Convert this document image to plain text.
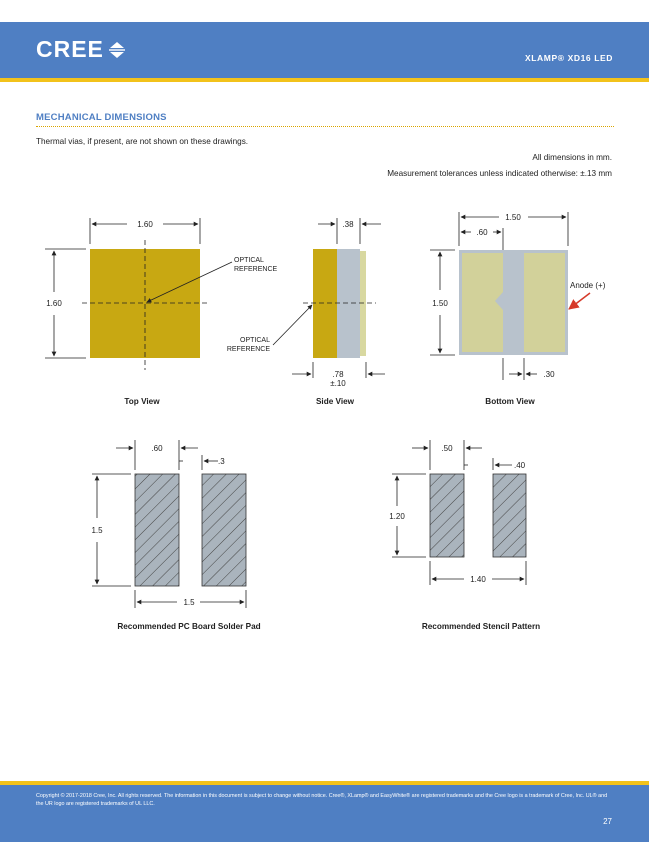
CREE	XLAMP® XD16 LED
MECHANICAL DIMENSIONS
Thermal vias, if present, are not shown on these drawings.
All dimensions in mm.
Measurement tolerances unless indicated otherwise: ±.13 mm
1.60
1.60
OPTICAL
REFERENCE
Top View
.38
.78
±.10
OPTICAL
REFERENCE
Side View
1.50
.60
1.50
.30
Anode (+)
Bottom View
.60
.3
1.5
1.5
Recommended PC Board Solder Pad
.50
.40
1.20
1.40
Recommended Stencil Pattern
Copyright © 2017-2018 Cree, Inc. All rights reserved. The information in this document is subject to change without notice. Cree®, XLamp® and EasyWhite® are registered trademarks and the Cree logo is a trademark of Cree, Inc. UL® and the UR logo are registered trademarks of UL LLC.
27
